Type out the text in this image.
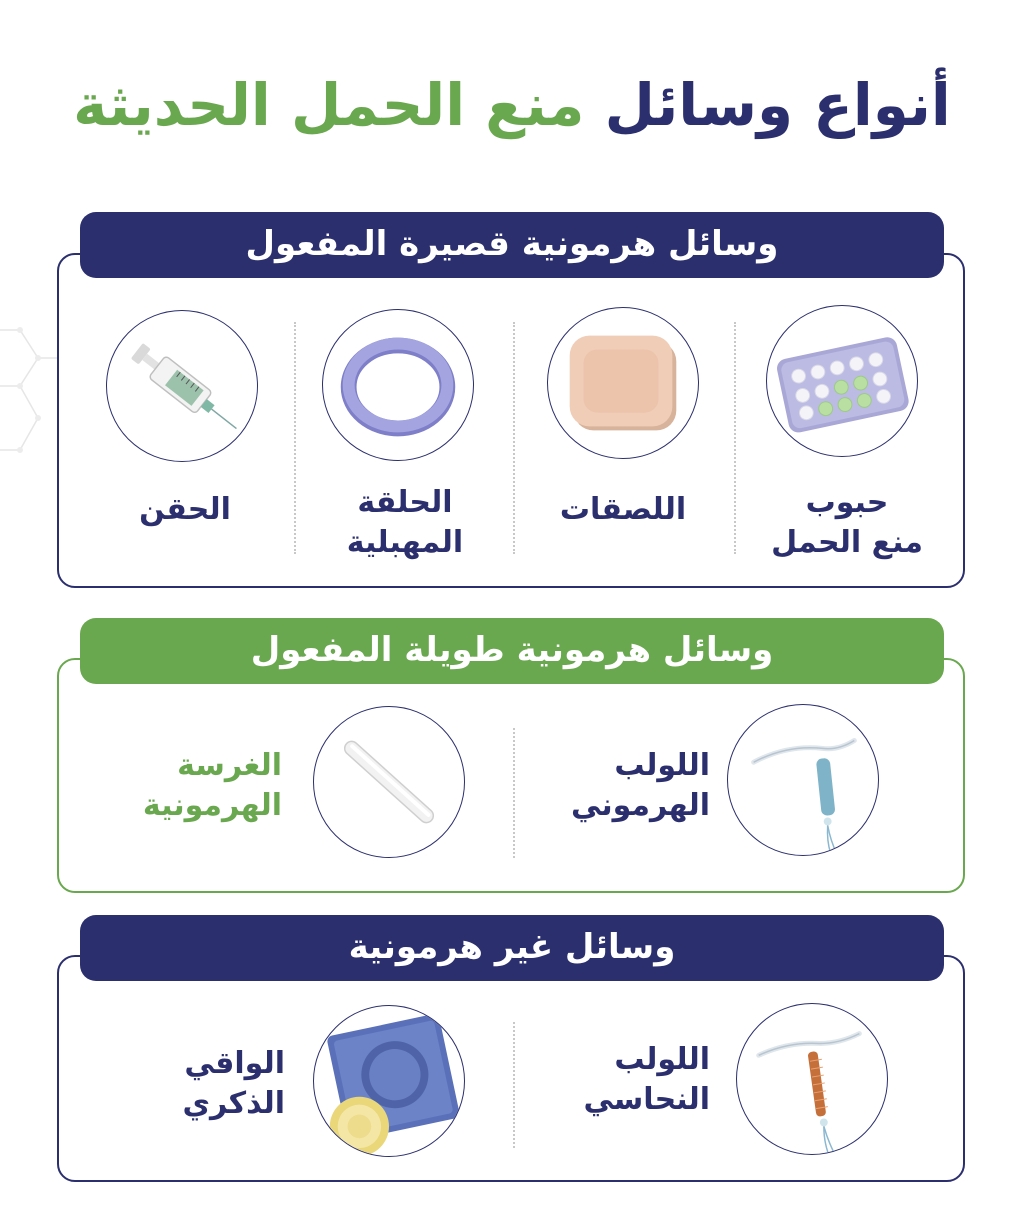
أنواع وسائل منع الحمل الحديثة
وسائل هرمونية قصيرة المفعول
حبوب
منع الحمل
اللصقات
الحلقة
المهبلية
الحقن
وسائل هرمونية طويلة المفعول
اللولب
الهرموني
الغرسة
الهرمونية
وسائل غير هرمونية
اللولب
النحاسي
الواقي
الذكري
